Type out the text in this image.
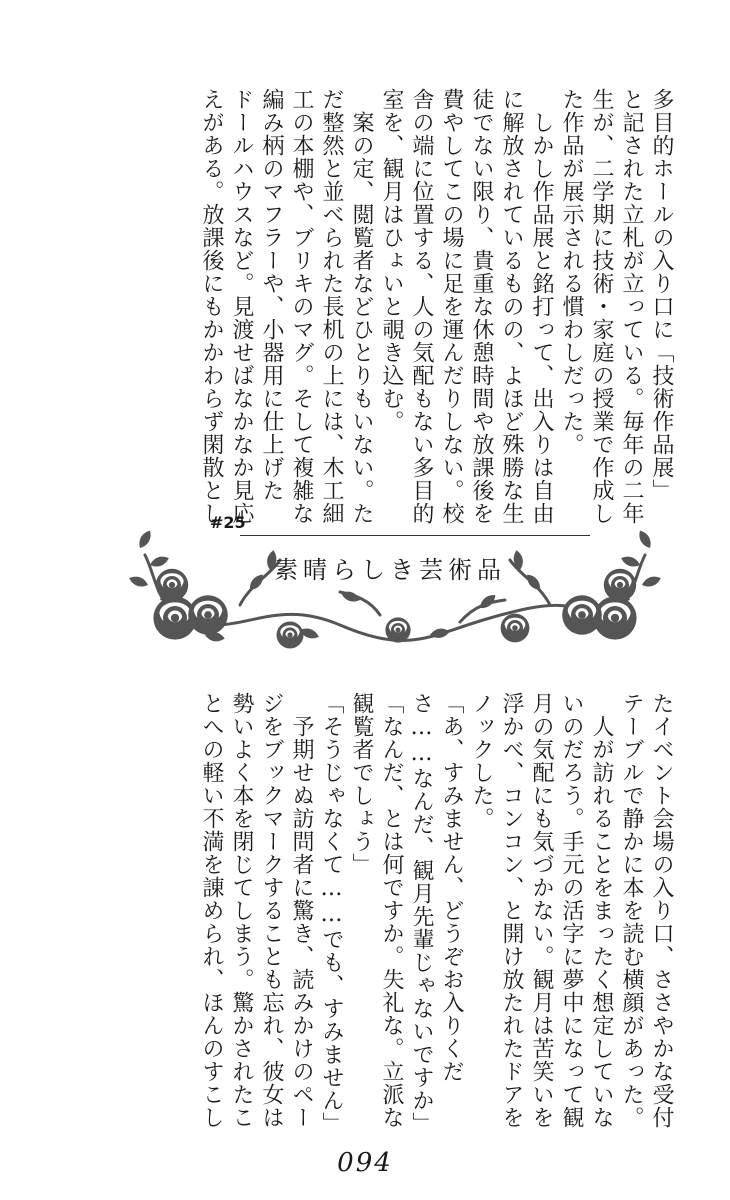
多目的ホールの入り口に「技術作品展」
と記された立札が立っている。毎年の二年
生が、二学期に技術・家庭の授業で作成し
た作品が展示される慣わしだった。
　しかし作品展と銘打って、出入りは自由
に解放されているものの、よほど殊勝な生
徒でない限り、貴重な休憩時間や放課後を
費やしてこの場に足を運んだりしない。校
舎の端に位置する、人の気配もない多目的
室を、観月はひょいと覗き込む。
　案の定、閲覧者などひとりもいない。た
だ整然と並べられた長机の上には、木工細
工の本棚や、ブリキのマグ。そして複雑な
編み柄のマフラーや、小器用に仕上げた
ドールハウスなど。見渡せばなかなか見応
えがある。放課後にもかかわらず閑散とし
#25
素晴らしき芸術品
たイベント会場の入り口、ささやかな受付
テーブルで静かに本を読む横顔があった。
　人が訪れることをまったく想定していな
いのだろう。手元の活字に夢中になって観
月の気配にも気づかない。観月は苦笑いを
浮かべ、コンコン、と開け放たれたドアを
ノックした。
「あ、すみません、どうぞお入りくだ
さ……なんだ、観月先輩じゃないですか」
「なんだ、とは何ですか。失礼な。立派な
観覧者でしょう」
「そうじゃなくて……でも、すみません」
　予期せぬ訪問者に驚き、読みかけのペー
ジをブックマークすることも忘れ、彼女は
勢いよく本を閉じてしまう。驚かされたこ
とへの軽い不満を諌められ、ほんのすこし
094
